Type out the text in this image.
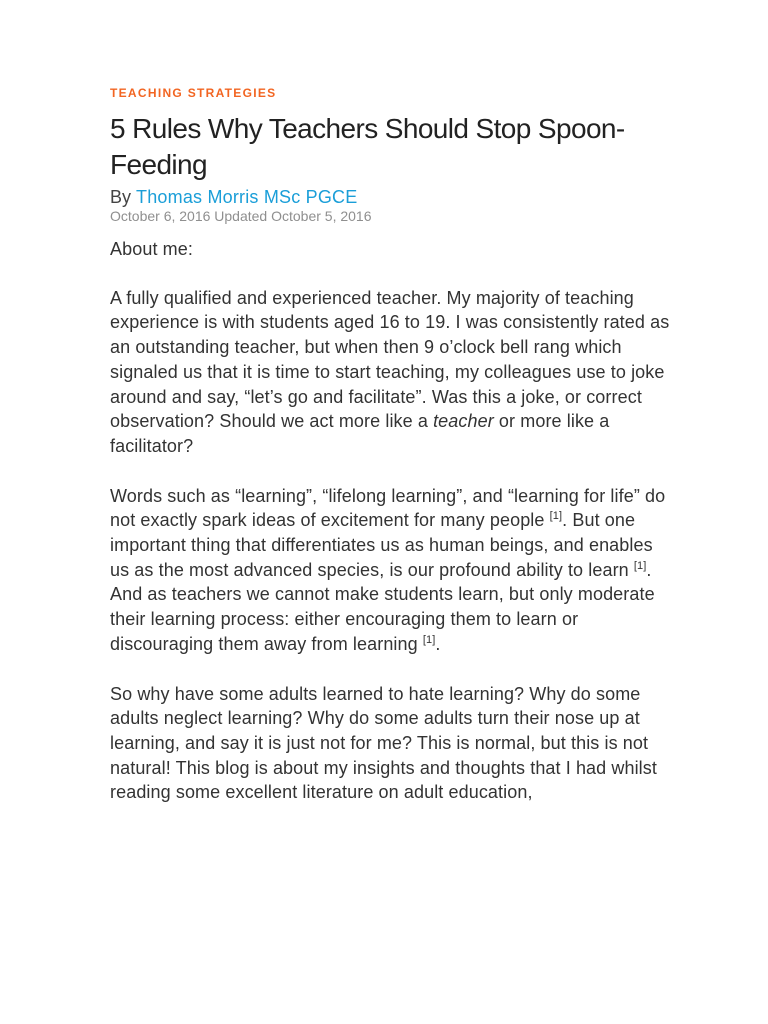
TEACHING STRATEGIES
5 Rules Why Teachers Should Stop Spoon-Feeding
By Thomas Morris MSc PGCE
October 6, 2016 Updated October 5, 2016

About me:

A fully qualified and experienced teacher. My majority of teaching experience is with students aged 16 to 19. I was consistently rated as an outstanding teacher, but when then 9 o’clock bell rang which signaled us that it is time to start teaching, my colleagues use to joke around and say, “let’s go and facilitate”. Was this a joke, or correct observation? Should we act more like a teacher or more like a facilitator?

Words such as “learning”, “lifelong learning”, and “learning for life” do not exactly spark ideas of excitement for many people [1]. But one important thing that differentiates us as human beings, and enables us as the most advanced species, is our profound ability to learn [1]. And as teachers we cannot make students learn, but only moderate their learning process: either encouraging them to learn or discouraging them away from learning [1].

So why have some adults learned to hate learning? Why do some adults neglect learning? Why do some adults turn their nose up at learning, and say it is just not for me? This is normal, but this is not natural! This blog is about my insights and thoughts that I had whilst reading some excellent literature on adult education,
